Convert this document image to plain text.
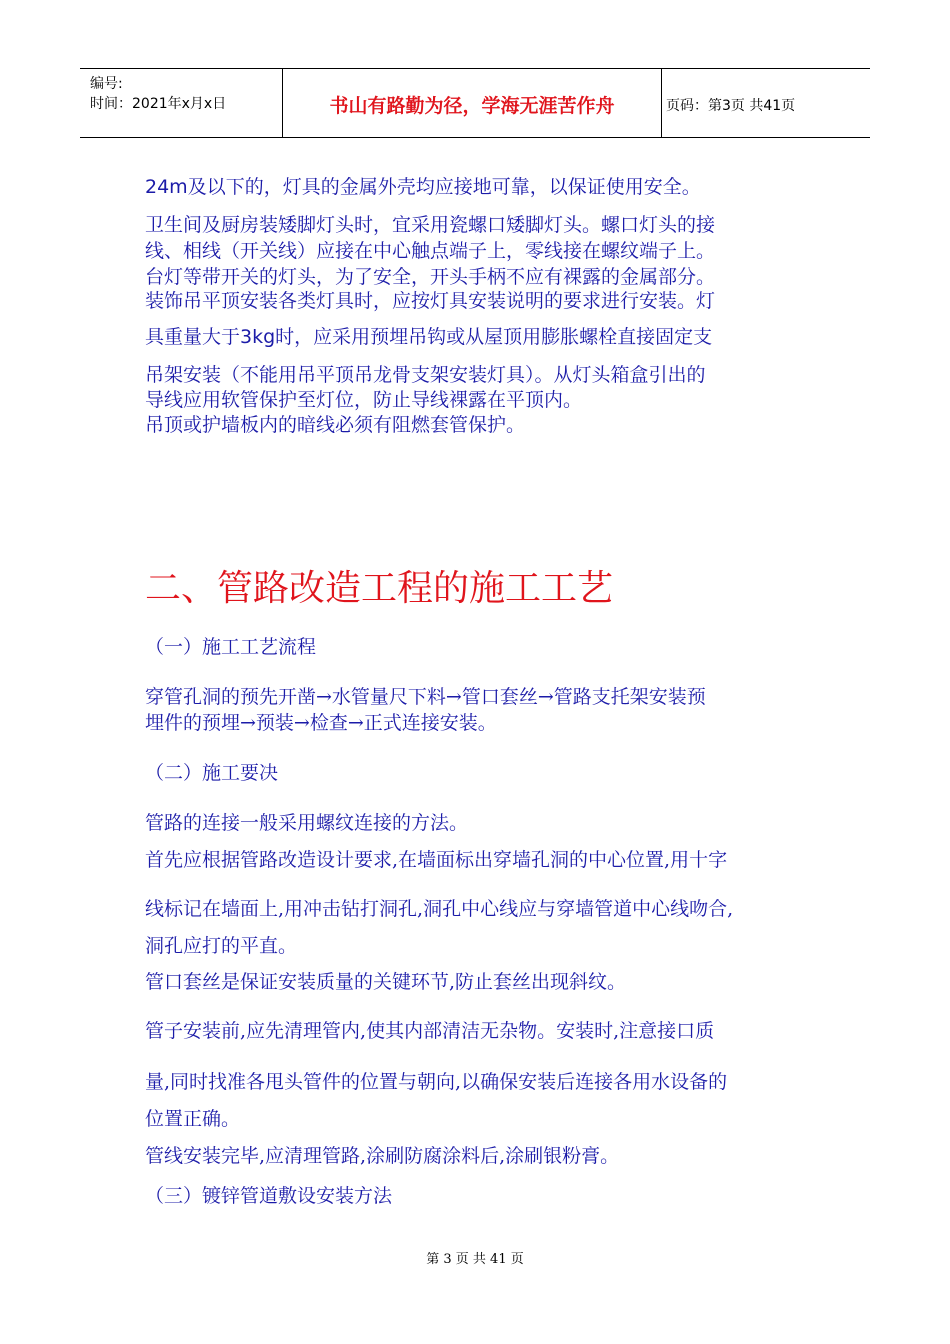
编号:
时间：2021年x月x日	书山有路勤为径，学海无涯苦作舟	页码：第3页 共41页
24m及以下的，灯具的金属外壳均应接地可靠，以保证使用安全。
卫生间及厨房装矮脚灯头时，宜采用瓷螺口矮脚灯头。螺口灯头的接
线、相线（开关线）应接在中心触点端子上，零线接在螺纹端子上。
台灯等带开关的灯头，为了安全，开头手柄不应有裸露的金属部分。
装饰吊平顶安装各类灯具时，应按灯具安装说明的要求进行安装。灯
具重量大于3kg时，应采用预埋吊钩或从屋顶用膨胀螺栓直接固定支
吊架安装（不能用吊平顶吊龙骨支架安装灯具）。从灯头箱盒引出的
导线应用软管保护至灯位，防止导线裸露在平顶内。
吊顶或护墙板内的暗线必须有阻燃套管保护。
二、管路改造工程的施工工艺
（一）施工工艺流程
穿管孔洞的预先开凿→水管量尺下料→管口套丝→管路支托架安装预
埋件的预埋→预装→检查→正式连接安装。
（二）施工要决
管路的连接一般采用螺纹连接的方法。
首先应根据管路改造设计要求,在墙面标出穿墙孔洞的中心位置,用十字
线标记在墙面上,用冲击钻打洞孔,洞孔中心线应与穿墙管道中心线吻合,
洞孔应打的平直。
管口套丝是保证安装质量的关键环节,防止套丝出现斜纹。
管子安装前,应先清理管内,使其内部清洁无杂物。安装时,注意接口质
量,同时找准各甩头管件的位置与朝向,以确保安装后连接各用水设备的
位置正确。
管线安装完毕,应清理管路,涂刷防腐涂料后,涂刷银粉膏。
（三）镀锌管道敷设安装方法
第 3 页 共 41 页
